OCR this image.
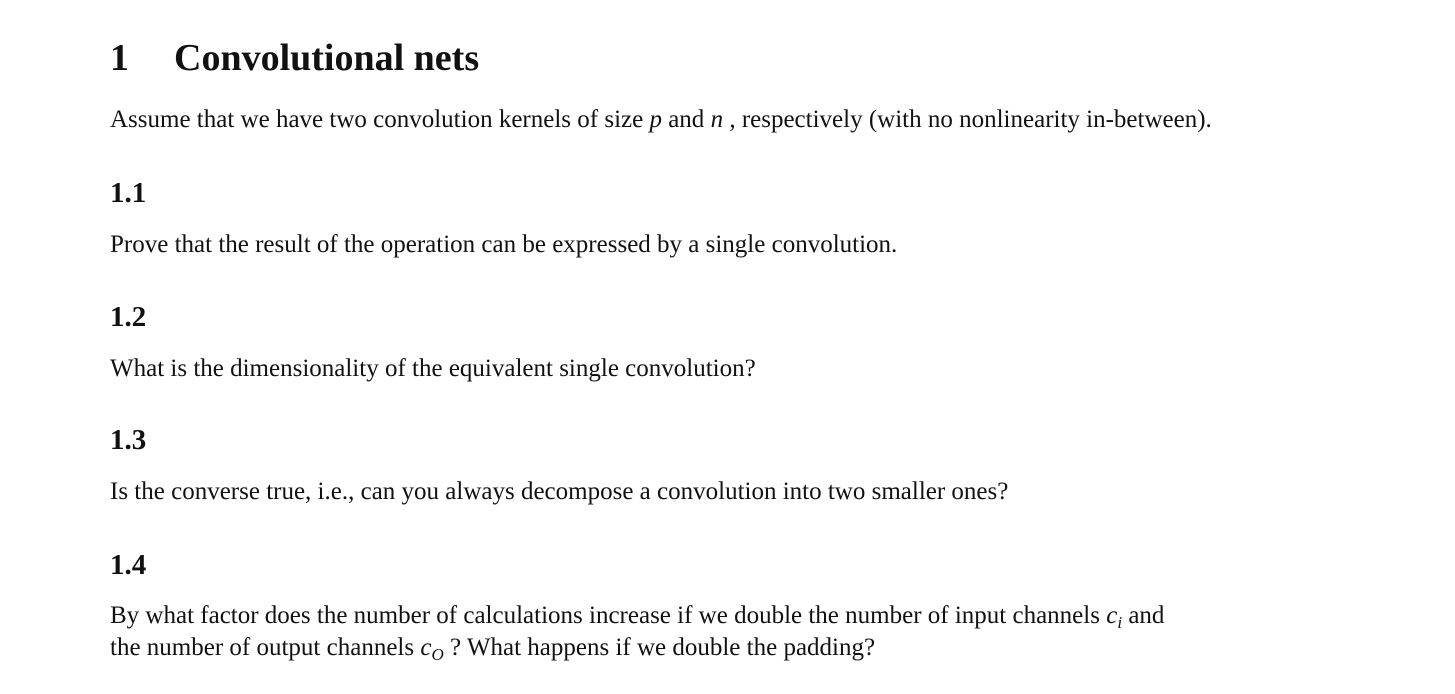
1 Convolutional nets
Assume that we have two convolution kernels of size p and n , respectively (with no nonlinearity in-between).
1.1
Prove that the result of the operation can be expressed by a single convolution.
1.2
What is the dimensionality of the equivalent single convolution?
1.3
Is the converse true, i.e., can you always decompose a convolution into two smaller ones?
1.4
By what factor does the number of calculations increase if we double the number of input channels $c_i$ and
the number of output channels $c_O$ ? What happens if we double the padding?
